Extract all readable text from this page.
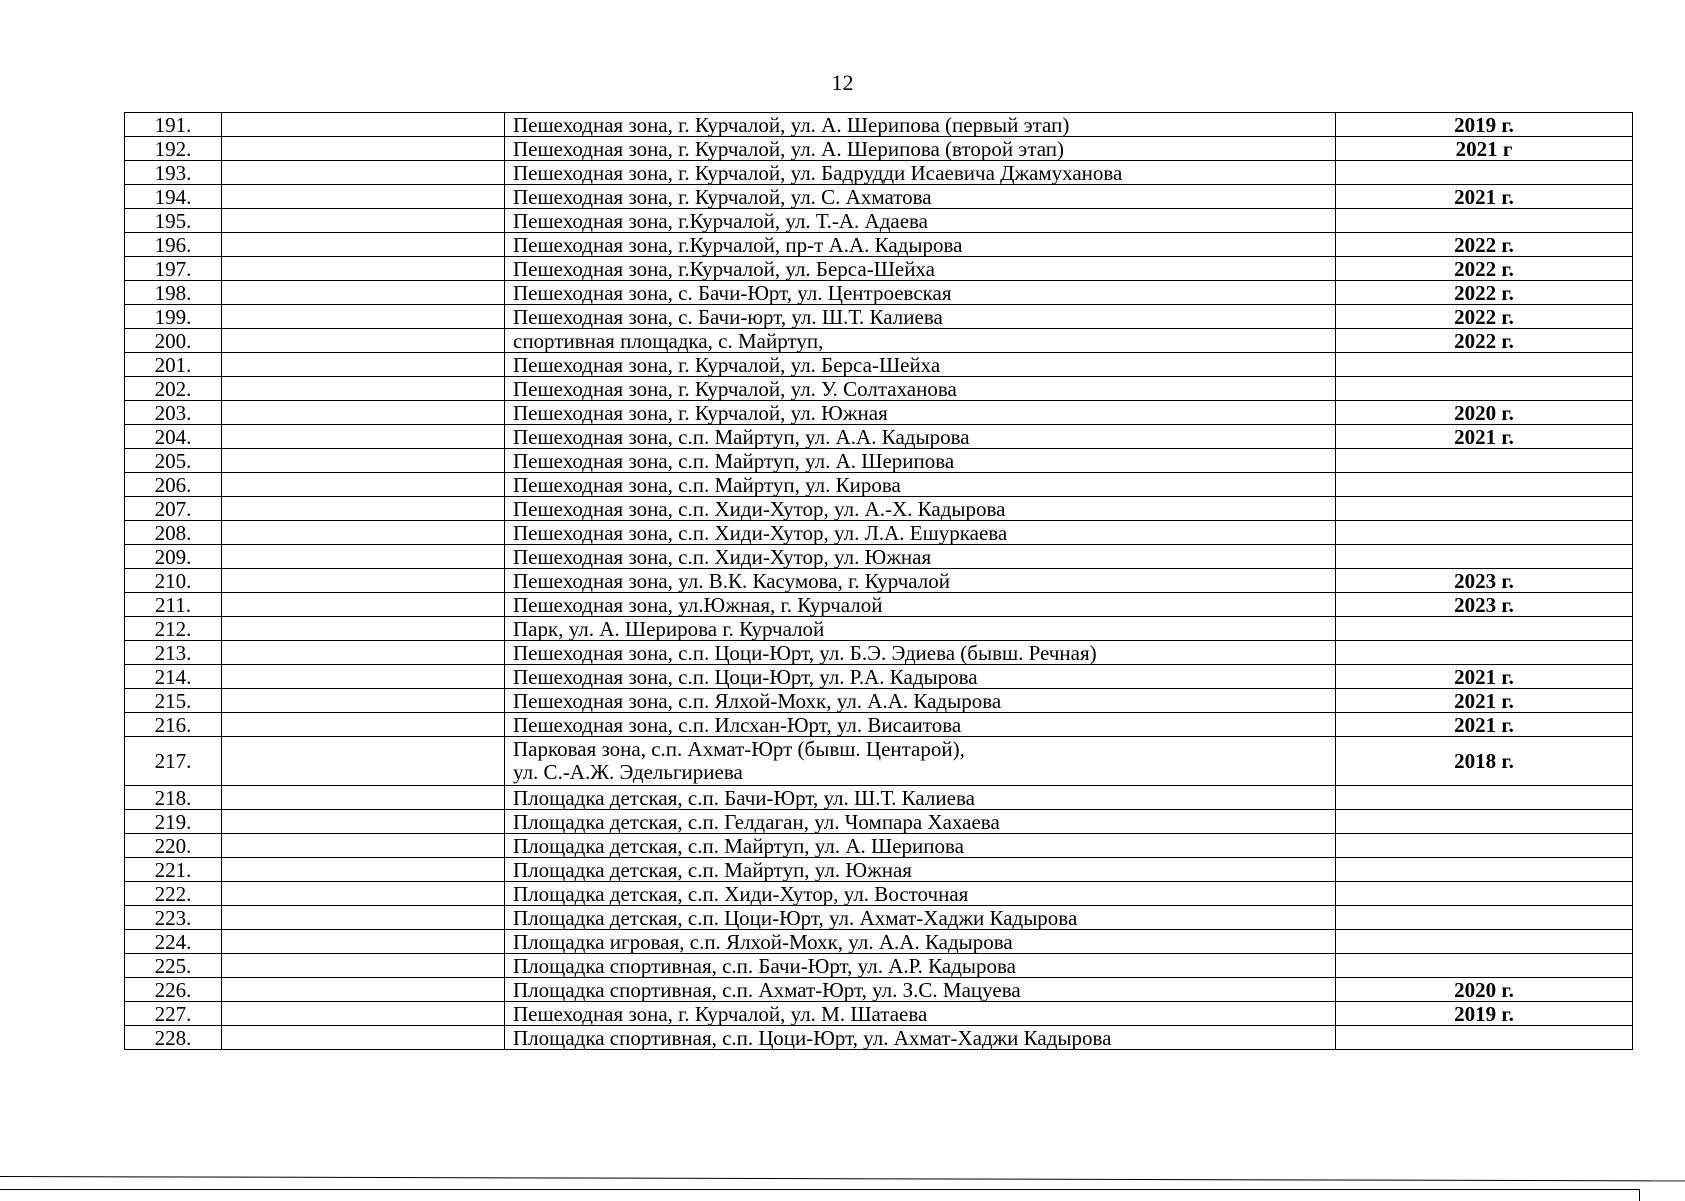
12
191.		Пешеходная зона, г. Курчалой, ул. А. Шерипова (первый этап)	2019 г.
192.		Пешеходная зона, г. Курчалой, ул. А. Шерипова (второй этап)	2021 г
193.		Пешеходная зона, г. Курчалой, ул. Бадрудди Исаевича Джамуханова	
194.		Пешеходная зона, г. Курчалой, ул. С. Ахматова	2021 г.
195.		Пешеходная зона, г.Курчалой, ул. Т.-А. Адаева	
196.		Пешеходная зона, г.Курчалой, пр-т А.А. Кадырова	2022 г.
197.		Пешеходная зона, г.Курчалой, ул. Берса-Шейха	2022 г.
198.		Пешеходная зона, с. Бачи-Юрт, ул. Центроевская	2022 г.
199.		Пешеходная зона, с. Бачи-юрт, ул. Ш.Т. Калиева	2022 г.
200.		спортивная площадка, с. Майртуп,	2022 г.
201.		Пешеходная зона, г. Курчалой, ул. Берса-Шейха	
202.		Пешеходная зона, г. Курчалой, ул. У. Солтаханова	
203.		Пешеходная зона, г. Курчалой, ул. Южная	2020 г.
204.		Пешеходная зона, с.п. Майртуп, ул. А.А. Кадырова	2021 г.
205.		Пешеходная зона, с.п. Майртуп, ул. А. Шерипова	
206.		Пешеходная зона, с.п. Майртуп, ул. Кирова	
207.		Пешеходная зона, с.п. Хиди-Хутор, ул. А.-Х. Кадырова	
208.		Пешеходная зона, с.п. Хиди-Хутор, ул. Л.А. Ешуркаева	
209.		Пешеходная зона, с.п. Хиди-Хутор, ул. Южная	
210.		Пешеходная зона, ул. В.К. Касумова, г. Курчалой	2023 г.
211.		Пешеходная зона, ул.Южная, г. Курчалой	2023 г.
212.		Парк, ул. А. Шерирова г. Курчалой	
213.		Пешеходная зона, с.п. Цоци-Юрт, ул. Б.Э. Эдиева (бывш. Речная)	
214.		Пешеходная зона, с.п. Цоци-Юрт, ул. Р.А. Кадырова	2021 г.
215.		Пешеходная зона, с.п. Ялхой-Мохк, ул. А.А. Кадырова	2021 г.
216.		Пешеходная зона, с.п. Илсхан-Юрт, ул. Висаитова	2021 г.
217.		Парковая зона, с.п. Ахмат-Юрт (бывш. Центарой),
ул. С.-А.Ж. Эдельгириева	2018 г.
218.		Площадка детская, с.п. Бачи-Юрт, ул. Ш.Т. Калиева	
219.		Площадка детская, с.п. Гелдаган, ул. Чомпара Хахаева	
220.		Площадка детская, с.п. Майртуп, ул. А. Шерипова	
221.		Площадка детская, с.п. Майртуп, ул. Южная	
222.		Площадка детская, с.п. Хиди-Хутор, ул. Восточная	
223.		Площадка детская, с.п. Цоци-Юрт, ул. Ахмат-Хаджи Кадырова	
224.		Площадка игровая, с.п. Ялхой-Мохк, ул. А.А. Кадырова	
225.		Площадка спортивная, с.п. Бачи-Юрт, ул. А.Р. Кадырова	
226.		Площадка спортивная, с.п. Ахмат-Юрт, ул. З.С. Мацуева	2020 г.
227.		Пешеходная зона, г. Курчалой, ул. М. Шатаева	2019 г.
228.		Площадка спортивная, с.п. Цоци-Юрт, ул. Ахмат-Хаджи Кадырова	
